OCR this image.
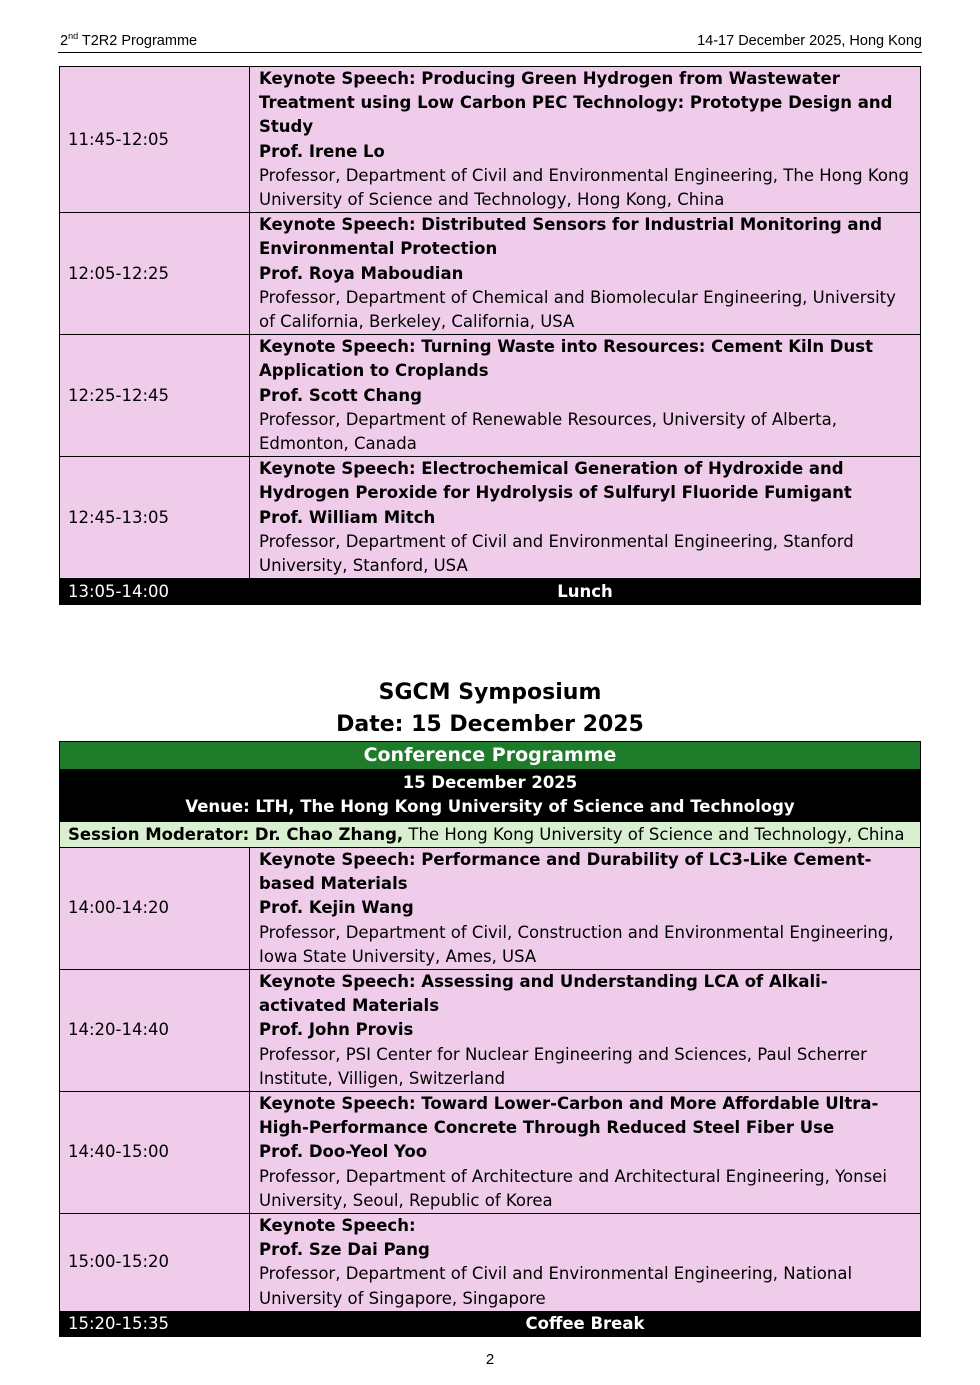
2nd T2R2 Programme	14-17 December 2025, Hong Kong
11:45-12:05	Keynote Speech: Producing Green Hydrogen from Wastewater Treatment using Low Carbon PEC Technology: Prototype Design and Study
Prof. Irene Lo
Professor, Department of Civil and Environmental Engineering, The Hong Kong University of Science and Technology, Hong Kong, China

12:05-12:25	Keynote Speech: Distributed Sensors for Industrial Monitoring and Environmental Protection
Prof. Roya Maboudian
Professor, Department of Chemical and Biomolecular Engineering, University of California, Berkeley, California, USA

12:25-12:45	Keynote Speech: Turning Waste into Resources: Cement Kiln Dust Application to Croplands
Prof. Scott Chang
Professor, Department of Renewable Resources, University of Alberta, Edmonton, Canada

12:45-13:05	Keynote Speech: Electrochemical Generation of Hydroxide and Hydrogen Peroxide for Hydrolysis of Sulfuryl Fluoride Fumigant
Prof. William Mitch
Professor, Department of Civil and Environmental Engineering, Stanford University, Stanford, USA

13:05-14:00	Lunch
SGCM Symposium
Date: 15 December 2025
Conference Programme	

15 December 2025
Venue: LTH, The Hong Kong University of Science and Technology	

Session Moderator: Dr. Chao Zhang, The Hong Kong University of Science and Technology, China	
14:00-14:20	Keynote Speech: Performance and Durability of LC3-Like Cement-based Materials
Prof. Kejin Wang
Professor, Department of Civil, Construction and Environmental Engineering, Iowa State University, Ames, USA

14:20-14:40	Keynote Speech: Assessing and Understanding LCA of Alkali-activated Materials
Prof. John Provis
Professor, PSI Center for Nuclear Engineering and Sciences, Paul Scherrer Institute, Villigen, Switzerland

14:40-15:00	Keynote Speech: Toward Lower-Carbon and More Affordable Ultra-High-Performance Concrete Through Reduced Steel Fiber Use
Prof. Doo-Yeol Yoo
Professor, Department of Architecture and Architectural Engineering, Yonsei University, Seoul, Republic of Korea

15:00-15:20	Keynote Speech:
Prof. Sze Dai Pang
Professor, Department of Civil and Environmental Engineering, National University of Singapore, Singapore

15:20-15:35	Coffee Break
2
